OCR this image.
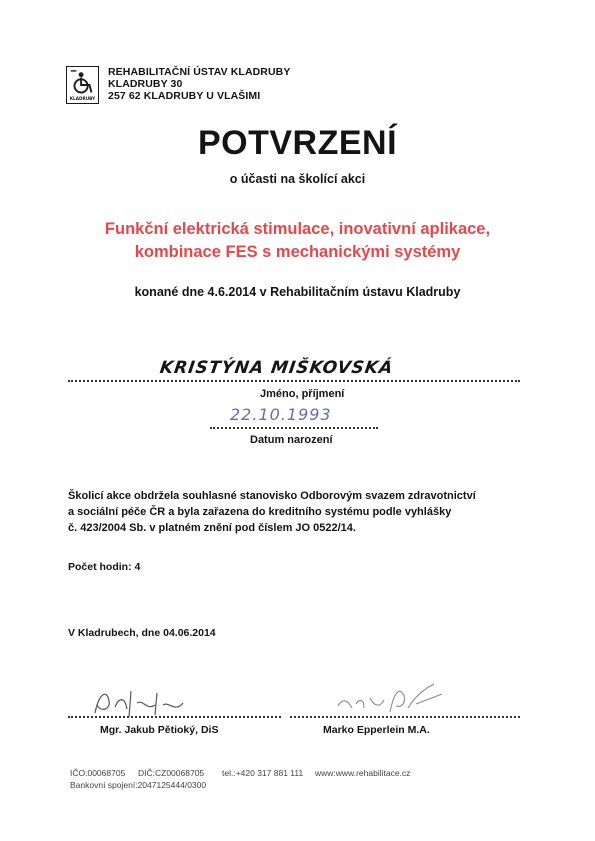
KLADRUBY
REHABILITAČNÍ ÚSTAV KLADRUBY
KLADRUBY 30
257 62 KLADRUBY U VLAŠIMI
POTVRZENÍ
o účasti na školící akci
Funkční elektrická stimulace, inovativní aplikace,
kombinace FES s mechanickými systémy
konané dne 4.6.2014 v Rehabilitačním ústavu Kladruby
KRISTÝNA MIŠKOVSKÁ
Jméno, příjmení
22.10.1993
Datum narození

Školicí akce obdržela souhlasné stanovisko Odborovým svazem zdravotnictví

a sociální péče ČR a byla zařazena do kreditního systému podle vyhlášky

č. 423/2004 Sb. v platném znění pod číslem JO 0522/14.

Počet hodin: 4
V Kladrubech, dne 04.06.2014
Mgr. Jakub Pětioký, DiS	Marko Epperlein M.A.
IČO:00068705 DIČ:CZ00068705 tel.:+420 317 881 111 www:www.rehabilitace.cz
Bankovní spojení:2047125444/0300
